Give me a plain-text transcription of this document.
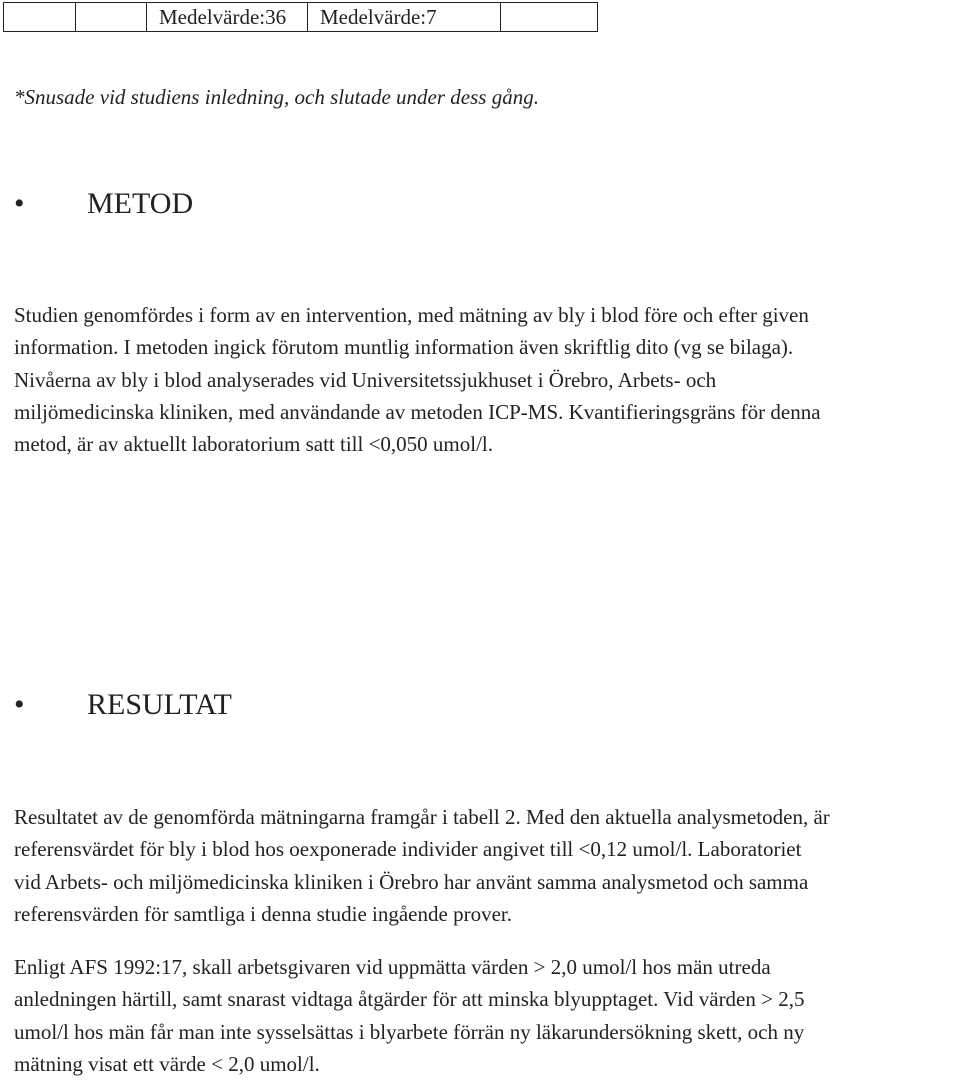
		Medelvärde:36	Medelvärde:7	
*Snusade vid studiens inledning, och slutade under dess gång.
•	METOD

Studien genomfördes i form av en intervention, med mätning av bly i blod före och efter given
information. I metoden ingick förutom muntlig information även skriftlig dito (vg se bilaga).
Nivåerna av bly i blod analyserades vid Universitetssjukhuset i Örebro, Arbets- och
miljömedicinska kliniken, med användande av metoden ICP-MS. Kvantifieringsgräns för denna
metod, är av aktuellt laboratorium satt till <0,050 umol/l.

•	RESULTAT

Resultatet av de genomförda mätningarna framgår i tabell 2. Med den aktuella analysmetoden, är
referensvärdet för bly i blod hos oexponerade individer angivet till <0,12 umol/l. Laboratoriet
vid Arbets- och miljömedicinska kliniken i Örebro har använt samma analysmetod och samma
referensvärden för samtliga i denna studie ingående prover.

Enligt AFS 1992:17, skall arbetsgivaren vid uppmätta värden > 2,0 umol/l hos män utreda
anledningen härtill, samt snarast vidtaga åtgärder för att minska blyupptaget. Vid värden > 2,5
umol/l hos män får man inte sysselsättas i blyarbete förrän ny läkarundersökning skett, och ny
mätning visat ett värde < 2,0 umol/l.
